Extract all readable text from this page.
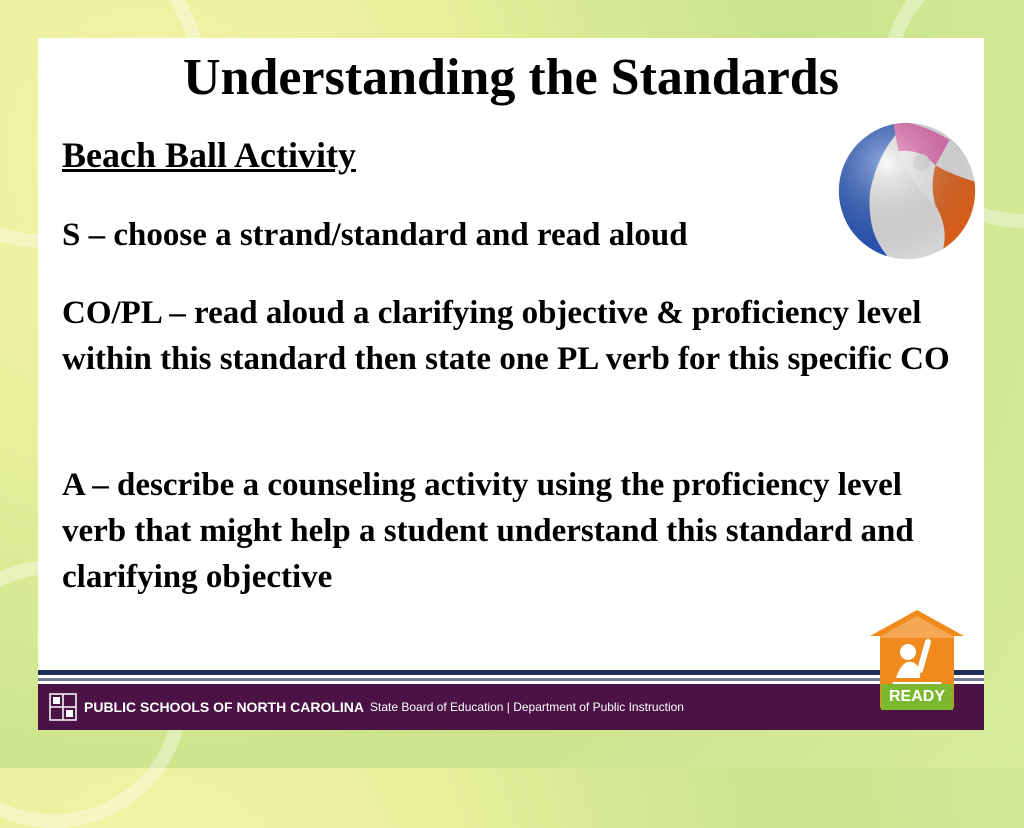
Understanding the Standards
Beach Ball Activity

S – choose a strand/standard and read aloud

CO/PL – read aloud a clarifying objective & proficiency level within this standard then state one PL verb for this specific CO

A – describe a counseling activity using the proficiency level verb that might help a student understand this standard and clarifying objective

PUBLIC SCHOOLS OF NORTH CAROLINA State Board of Education | Department of Public Instruction
READY
